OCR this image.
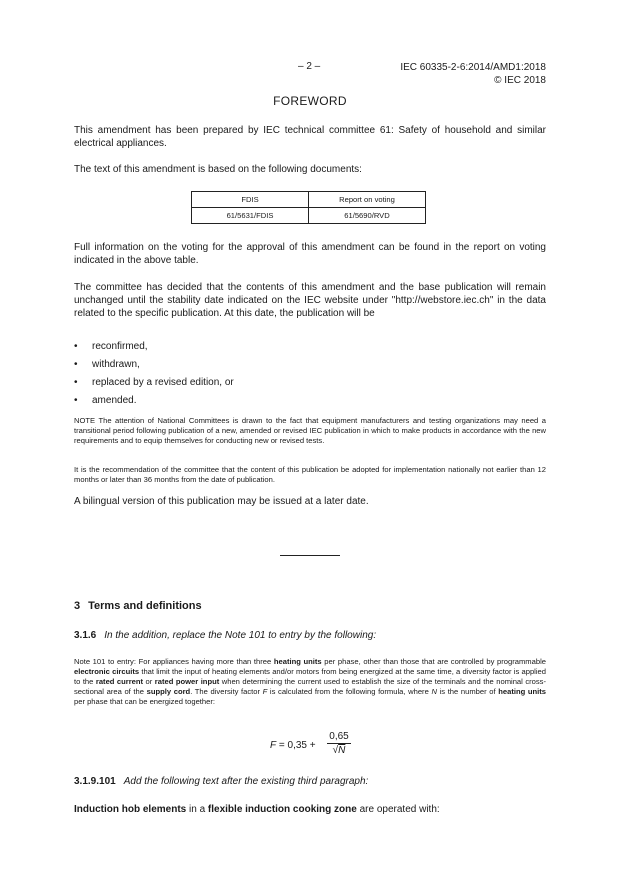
– 2 –	IEC 60335-2-6:2014/AMD1:2018
© IEC 2018
FOREWORD

This amendment has been prepared by IEC technical committee 61: Safety of household and similar electrical appliances.

The text of this amendment is based on the following documents:

FDIS	Report on voting
61/5631/FDIS	61/5690/RVD

Full information on the voting for the approval of this amendment can be found in the report on voting indicated in the above table.

The committee has decided that the contents of this amendment and the base publication will remain unchanged until the stability date indicated on the IEC website under "http://webstore.iec.ch" in the data related to the specific publication. At this date, the publication will be

• reconfirmed,
• withdrawn,
• replaced by a revised edition, or
• amended.

NOTE The attention of National Committees is drawn to the fact that equipment manufacturers and testing organizations may need a transitional period following publication of a new, amended or revised IEC publication in which to make products in accordance with the new requirements and to equip themselves for conducting new or revised tests.

It is the recommendation of the committee that the content of this publication be adopted for implementation nationally not earlier than 12 months or later than 36 months from the date of publication.

A bilingual version of this publication may be issued at a later date.

3 Terms and definitions
3.1.6 In the addition, replace the Note 101 to entry by the following:

Note 101 to entry: For appliances having more than three heating units per phase, other than those that are controlled by programmable electronic circuits that limit the input of heating elements and/or motors from being energized at the same time, a diversity factor is applied to the rated current or rated power input when determining the current used to establish the size of the terminals and the nominal cross-sectional area of the supply cord. The diversity factor F is calculated from the following formula, where N is the number of heating units per phase that can be energized together:

$F = 0,35 + \frac{0,65}{√N}$
3.1.9.101 Add the following text after the existing third paragraph:
Induction hob elements in a flexible induction cooking zone are operated with:
